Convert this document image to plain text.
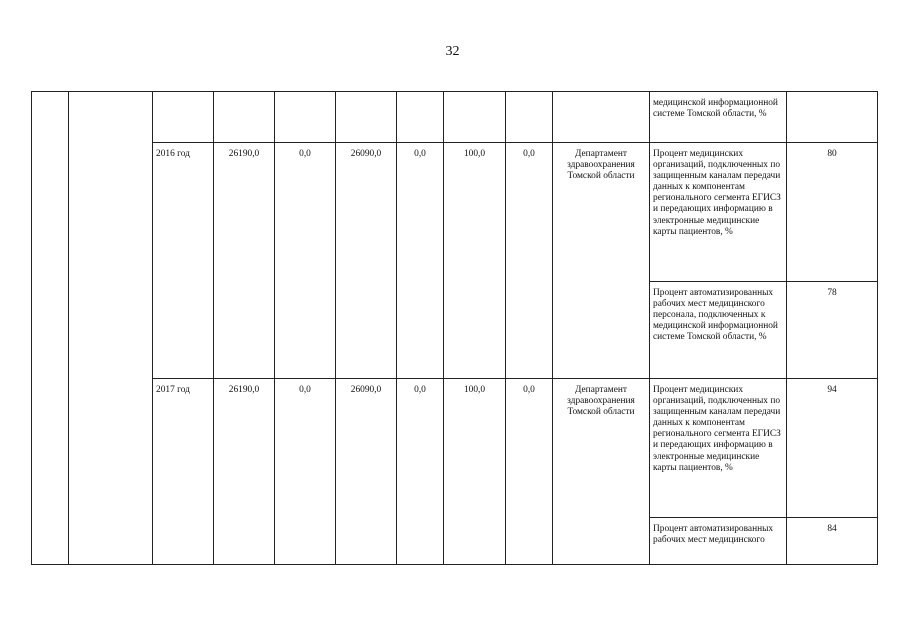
32
										медицинской информационной системе Томской области, %	
		2016 год	26190,0	0,0	26090,0	0,0	100,0	0,0	Департамент здравоохранения Томской области	Процент медицинских организаций, подключенных по защищенным каналам передачи данных к компонентам регионального сегмента ЕГИСЗ и передающих информацию в электронные медицинские карты пациентов, %	80
										Процент автоматизированных рабочих мест медицинского персонала, подключенных к медицинской информационной системе Томской области, %	78
		2017 год	26190,0	0,0	26090,0	0,0	100,0	0,0	Департамент здравоохранения Томской области	Процент медицинских организаций, подключенных по защищенным каналам передачи данных к компонентам регионального сегмента ЕГИСЗ и передающих информацию в электронные медицинские карты пациентов, %	94
										Процент автоматизированных рабочих мест медицинского	84
